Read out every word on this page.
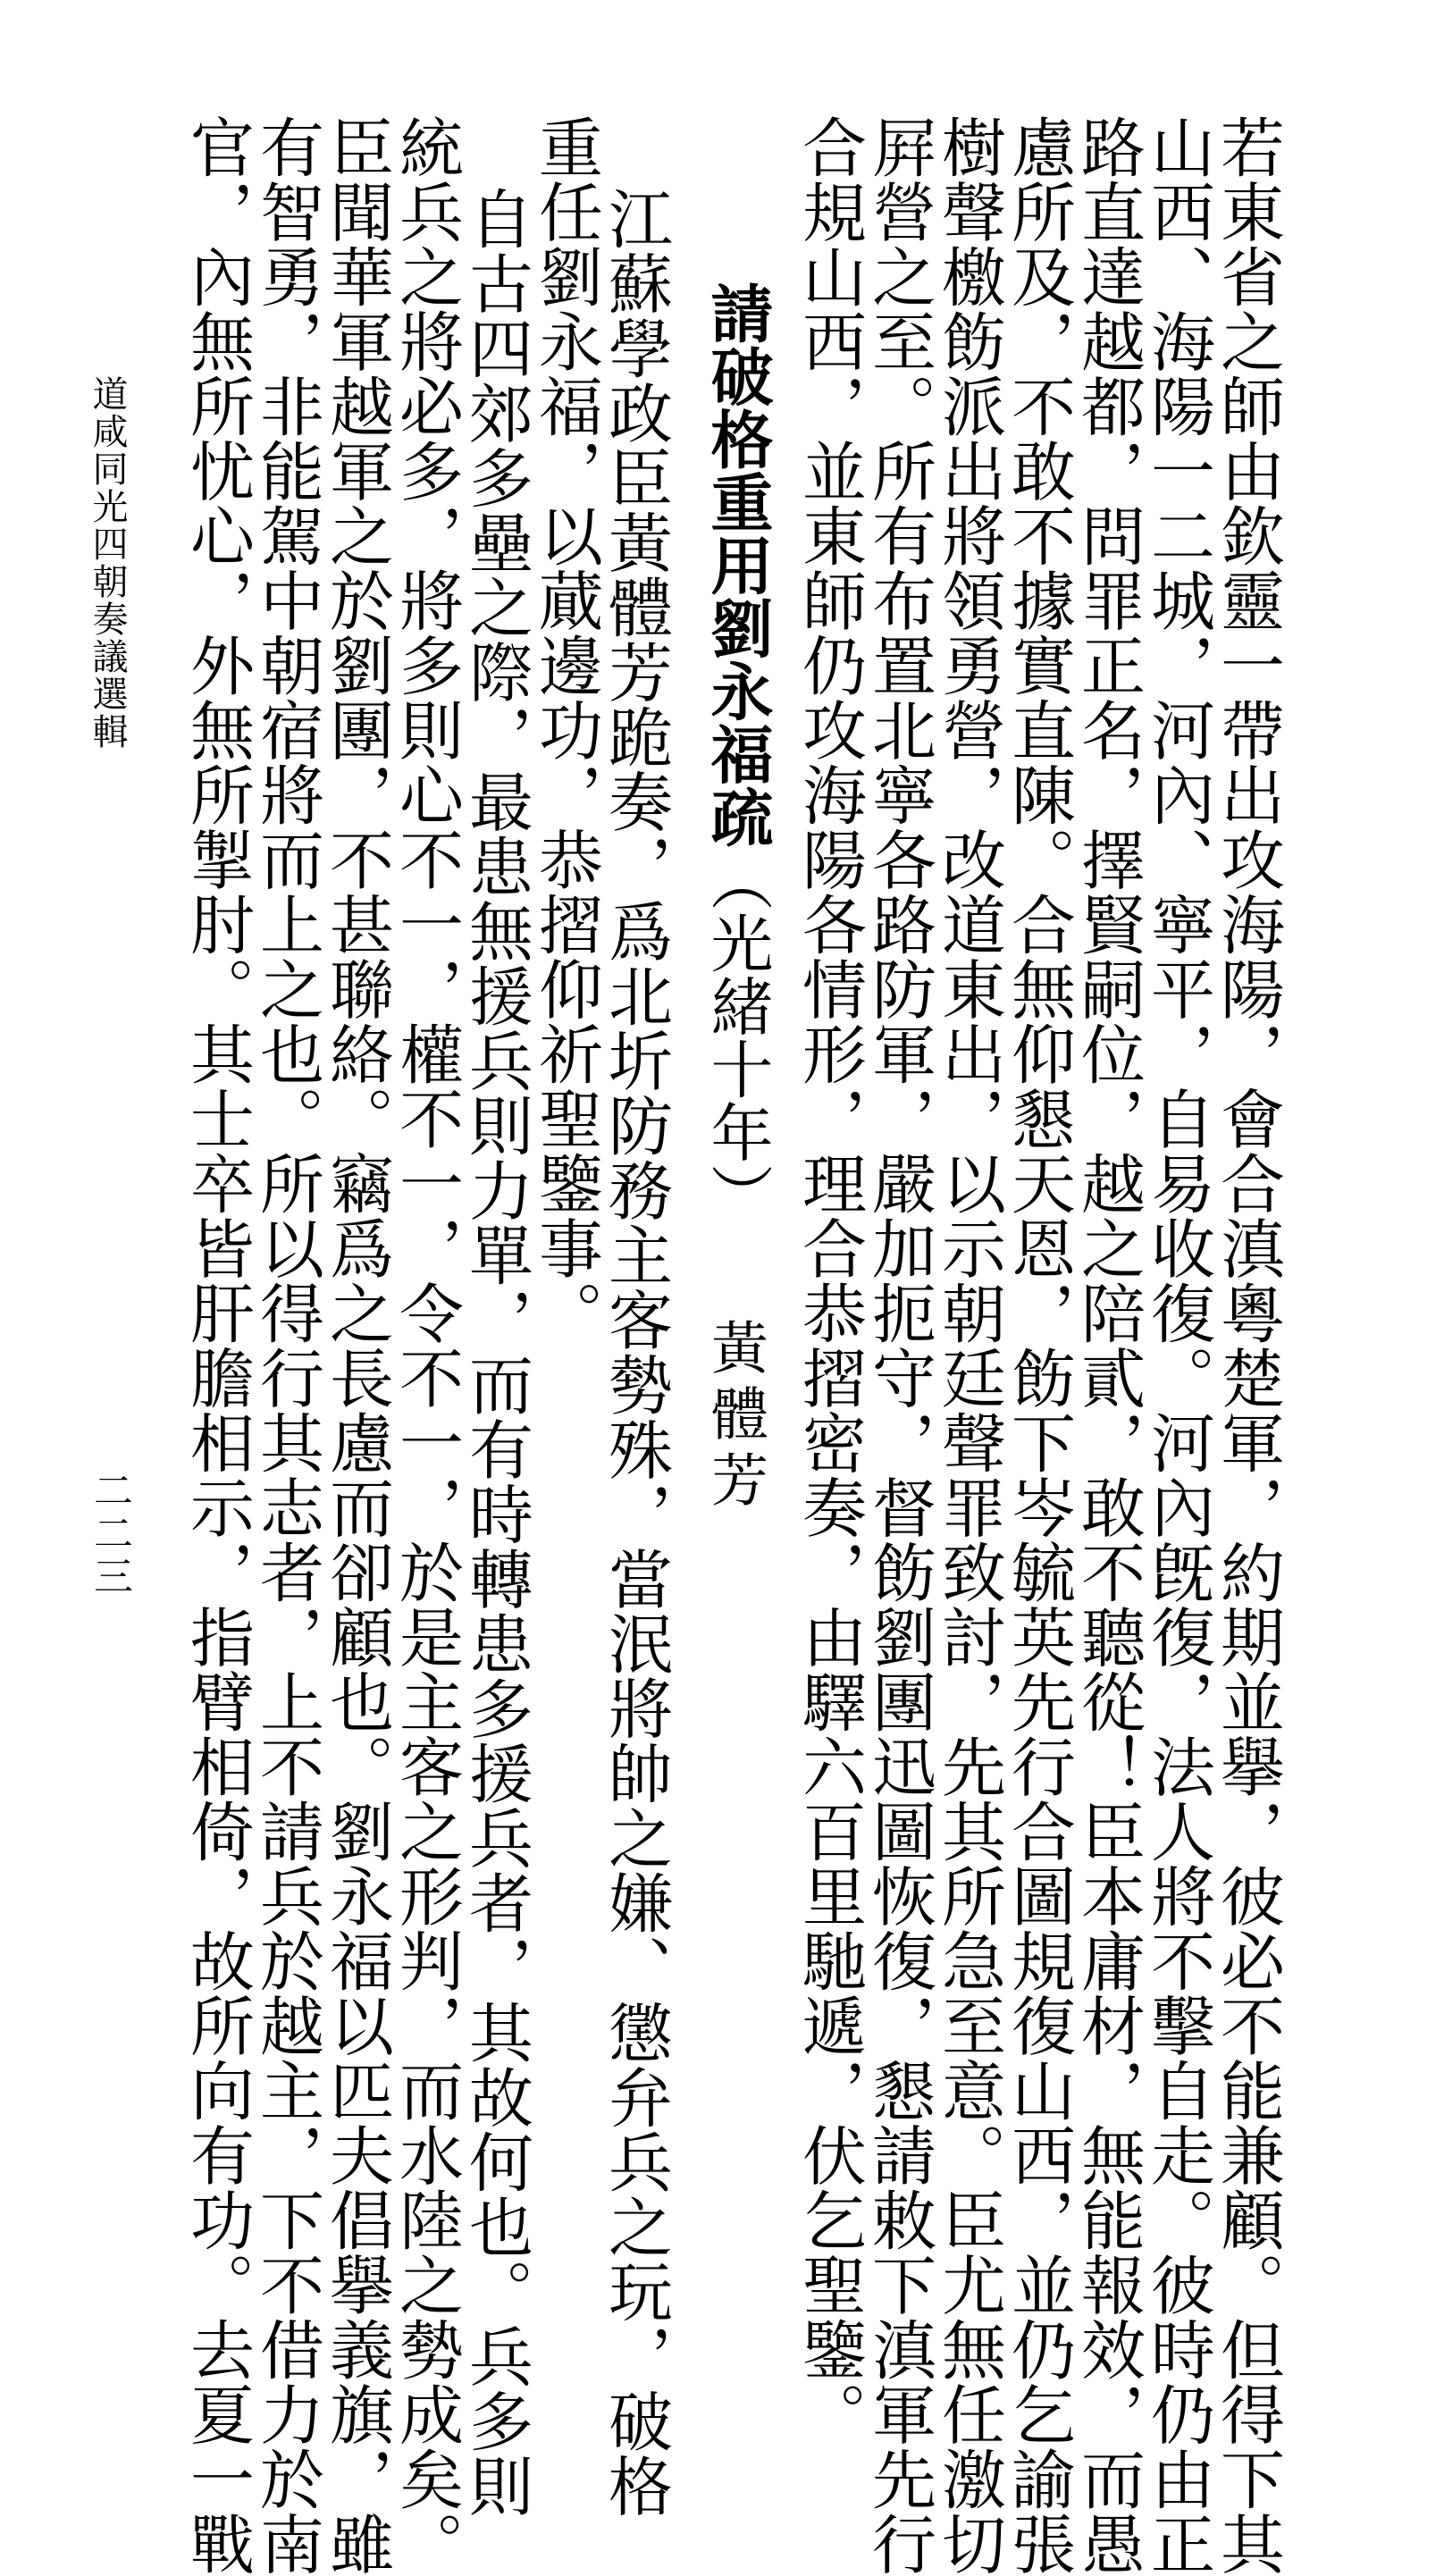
若東省之師由欽靈一帶出攻海陽，會合滇粵楚軍，約期並擧，彼必不能兼顧。但得下其
山西、海陽一二城，河內、寧平，自易收復。河內旣復，法人將不擊自走。彼時仍由正
路直達越都，問罪正名，擇賢嗣位，越之陪貳，敢不聽從！臣本庸材，無能報效，而愚
慮所及，不敢不據實直陳。合無仰懇天恩，飭下岑毓英先行合圖規復山西，並仍乞諭張
樹聲檄飭派出將領勇營，改道東出，以示朝廷聲罪致討，先其所急至意。臣尤無任激切
屛營之至。所有布置北寧各路防軍，嚴加扼守，督飭劉團迅圖恢復，懇請敕下滇軍先行
合規山西，並東師仍攻海陽各情形，理合恭摺密奏，由驛六百里馳遞，伏乞聖鑒。
請破格重用劉永福疏（光緒十年）
黃體芳
江蘇學政臣黃體芳跪奏，爲北圻防務主客勢殊，當泯將帥之嫌、懲弁兵之玩，破格
重任劉永福，以蕆邊功，恭摺仰祈聖鑒事。
自古四郊多壘之際，最患無援兵則力單，而有時轉患多援兵者，其故何也。兵多則
統兵之將必多，將多則心不一，權不一，令不一，於是主客之形判，而水陸之勢成矣。
臣聞華軍越軍之於劉團，不甚聯絡。竊爲之長慮而卻顧也。劉永福以匹夫倡擧義旗，雖
有智勇，非能駕中朝宿將而上之也。所以得行其志者，上不請兵於越主，下不借力於南
官，內無所忧心，外無所掣肘。其士卒皆肝膽相示，指臂相倚，故所向有功。去夏一戰
道咸同光四朝奏議選輯
二二三
